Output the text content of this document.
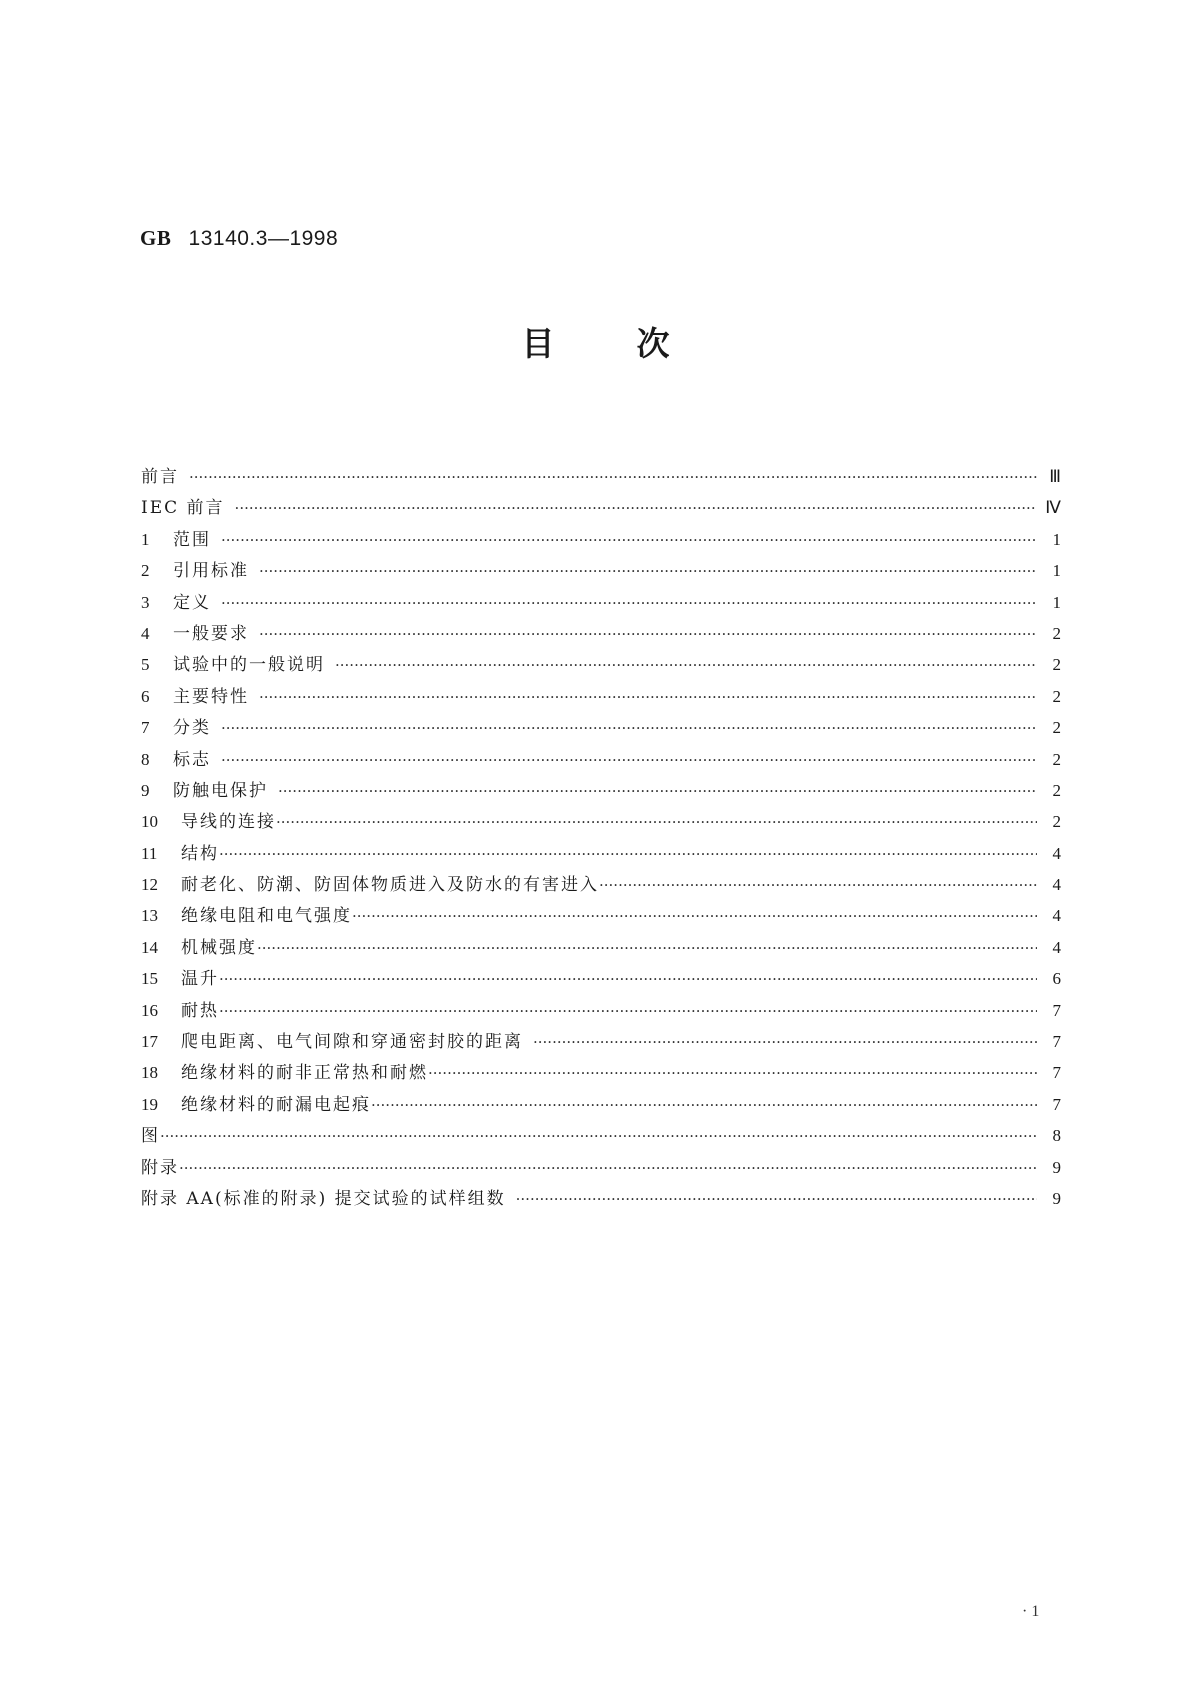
GB 13140.3—1998
目次
前言 ·····	Ⅲ
IEC 前言 ·····	Ⅳ
1	范围 ·····	1
2	引用标准 ·····	1
3	定义 ·····	1
4	一般要求 ·····	2
5	试验中的一般说明 ·····	2
6	主要特性 ·····	2
7	分类 ·····	2
8	标志 ·····	2
9	防触电保护 ·····	2
10	导线的连接 ·····	2
11	结构 ·····	4
12	耐老化、防潮、防固体物质进入及防水的有害进入 ·····	4
13	绝缘电阻和电气强度 ·····	4
14	机械强度 ·····	4
15	温升 ·····	6
16	耐热 ·····	7
17	爬电距离、电气间隙和穿通密封胶的距离 ·····	7
18	绝缘材料的耐非正常热和耐燃 ·····	7
19	绝缘材料的耐漏电起痕 ·····	7
图 ·····	8
附录 ·····	9
附录 AA(标准的附录) 提交试验的试样组数 ·····	9
· 1
